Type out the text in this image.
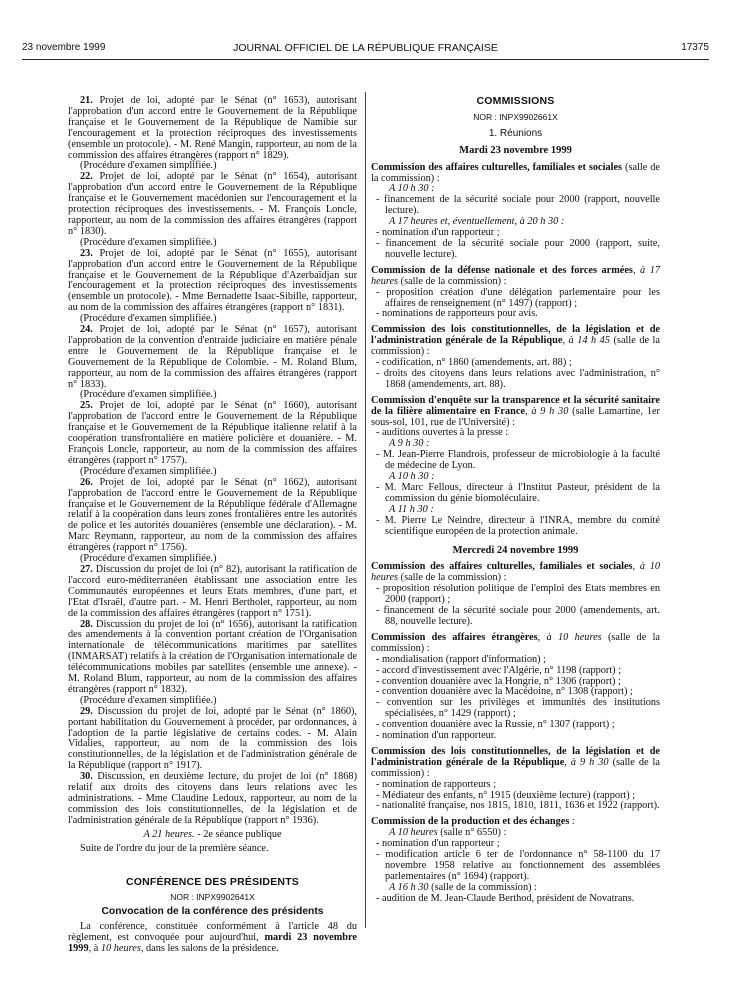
23 novembre 1999	JOURNAL OFFICIEL DE LA RÉPUBLIQUE FRANÇAISE	17375

21. Projet de loi, adopté par le Sénat (n° 1653), autorisant l'approbation d'un accord entre le Gouvernement de la République française et le Gouvernement de la République de Namibie sur l'encouragement et la protection réciproques des investissements (ensemble un protocole). - M. René Mangin, rapporteur, au nom de la commission des affaires étrangères (rapport n° 1829).

(Procédure d'examen simplifiée.)

22. Projet de loi, adopté par le Sénat (n° 1654), autorisant l'approbation d'un accord entre le Gouvernement de la République française et le Gouvernement macédonien sur l'encouragement et la protection réciproques des investissements. - M. François Loncle, rapporteur, au nom de la commission des affaires étrangères (rapport n° 1830).

(Procédure d'examen simplifiée.)

23. Projet de loi, adopté par le Sénat (n° 1655), autorisant l'approbation d'un accord entre le Gouvernement de la République française et le Gouvernement de la République d'Azerbaïdjan sur l'encouragement et la protection réciproques des investissements (ensemble un protocole). - Mme Bernadette Isaac-Sibille, rapporteur, au nom de la commission des affaires étrangères (rapport n° 1831).

(Procédure d'examen simplifiée.)

24. Projet de loi, adopté par le Sénat (n° 1657), autorisant l'approbation de la convention d'entraide judiciaire en matière pénale entre le Gouvernement de la République française et le Gouvernement de la République de Colombie. - M. Roland Blum, rapporteur, au nom de la commission des affaires étrangères (rapport n° 1833).

(Procédure d'examen simplifiée.)

25. Projet de loi, adopté par le Sénat (n° 1660), autorisant l'approbation de l'accord entre le Gouvernement de la République française et le Gouvernement de la République italienne relatif à la coopération transfrontalière en matière policière et douanière. - M. François Loncle, rapporteur, au nom de la commission des affaires étrangères (rapport n° 1757).

(Procédure d'examen simplifiée.)

26. Projet de loi, adopté par le Sénat (n° 1662), autorisant l'approbation de l'accord entre le Gouvernement de la République française et le Gouvernement de la République fédérale d'Allemagne relatif à la coopération dans leurs zones frontalières entre les autorités de police et les autorités douanières (ensemble une déclaration). - M. Marc Reymann, rapporteur, au nom de la commission des affaires étrangères (rapport n° 1756).

(Procédure d'examen simplifiée.)

27. Discussion du projet de loi (n° 82), autorisant la ratification de l'accord euro-méditerranéen établissant une association entre les Communautés européennes et leurs Etats membres, d'une part, et l'Etat d'Israël, d'autre part. - M. Henri Bertholet, rapporteur, au nom de la commission des affaires étrangères (rapport n° 1751).

28. Discussion du projet de loi (n° 1656), autorisant la ratification des amendements à la convention portant création de l'Organisation internationale de télécommunications maritimes par satellites (INMARSAT) relatifs à la création de l'Organisation internationale de télécommunications mobiles par satellites (ensemble une annexe). - M. Roland Blum, rapporteur, au nom de la commission des affaires étrangères (rapport n° 1832).

(Procédure d'examen simplifiée.)

29. Discussion du projet de loi, adopté par le Sénat (n° 1860), portant habilitation du Gouvernement à procéder, par ordonnances, à l'adoption de la partie législative de certains codes. - M. Alain Vidalies, rapporteur, au nom de la commission des lois constitutionnelles, de la législation et de l'administration générale de la République (rapport n° 1917).

30. Discussion, en deuxième lecture, du projet de loi (n° 1868) relatif aux droits des citoyens dans leurs relations avec les administrations. - Mme Claudine Ledoux, rapporteur, au nom de la commission des lois constitutionnelles, de la législation et de l'administration générale de la République (rapport n° 1936).

A 21 heures. - 2e séance publique

Suite de l'ordre du jour de la première séance.

CONFÉRENCE DES PRÉSIDENTS
NOR : INPX9902641X
Convocation de la conférence des présidents

La conférence, constituée conformément à l'article 48 du règlement, est convoquée pour aujourd'hui, mardi 23 novembre 1999, à 10 heures, dans les salons de la présidence.

COMMISSIONS
NOR : INPX9902661X
1. Réunions
Mardi 23 novembre 1999

Commission des affaires culturelles, familiales et sociales (salle de la commission) :

A 10 h 30 :

- financement de la sécurité sociale pour 2000 (rapport, nouvelle lecture).

A 17 heures et, éventuellement, à 20 h 30 :

- nomination d'un rapporteur ;

- financement de la sécurité sociale pour 2000 (rapport, suite, nouvelle lecture).

Commission de la défense nationale et des forces armées, à 17 heures (salle de la commission) :

- proposition création d'une délégation parlementaire pour les affaires de renseignement (n° 1497) (rapport) ;

- nominations de rapporteurs pour avis.

Commission des lois constitutionnelles, de la législation et de l'administration générale de la République, à 14 h 45 (salle de la commission) :

- codification, n° 1860 (amendements, art. 88) ;

- droits des citoyens dans leurs relations avec l'administration, n° 1868 (amendements, art. 88).

Commission d'enquête sur la transparence et la sécurité sanitaire de la filière alimentaire en France, à 9 h 30 (salle Lamartine, 1er sous-sol, 101, rue de l'Université) :

- auditions ouvertes à la presse :

A 9 h 30 :

- M. Jean-Pierre Flandrois, professeur de microbiologie à la faculté de médecine de Lyon.

A 10 h 30 :

- M. Marc Fellous, directeur à l'Institut Pasteur, président de la commission du génie biomoléculaire.

A 11 h 30 :

- M. Pierre Le Neindre, directeur à l'INRA, membre du comité scientifique européen de la protection animale.

Mercredi 24 novembre 1999

Commission des affaires culturelles, familiales et sociales, à 10 heures (salle de la commission) :

- proposition résolution politique de l'emploi des Etats membres en 2000 (rapport) ;

- financement de la sécurité sociale pour 2000 (amendements, art. 88, nouvelle lecture).

Commission des affaires étrangères, à 10 heures (salle de la commission) :

- mondialisation (rapport d'information) ;

- accord d'investissement avec l'Algérie, n° 1198 (rapport) ;

- convention douanière avec la Hongrie, n° 1306 (rapport) ;

- convention douanière avec la Macédoine, n° 1308 (rapport) ;

- convention sur les privilèges et immunités des institutions spécialisées, n° 1429 (rapport) ;

- convention douanière avec la Russie, n° 1307 (rapport) ;

- nomination d'un rapporteur.

Commission des lois constitutionnelles, de la législation et de l'administration générale de la République, à 9 h 30 (salle de la commission) :

- nomination de rapporteurs ;

- Médiateur des enfants, n° 1915 (deuxième lecture) (rapport) ;

- nationalité française, nos 1815, 1810, 1811, 1636 et 1922 (rapport).

Commission de la production et des échanges :

A 10 heures (salle n° 6550) :

- nomination d'un rapporteur ;

- modification article 6 ter de l'ordonnance n° 58-1100 du 17 novembre 1958 relative au fonctionnement des assemblées parlementaires (n° 1694) (rapport).

A 16 h 30 (salle de la commission) :

- audition de M. Jean-Claude Berthod, président de Novatrans.
